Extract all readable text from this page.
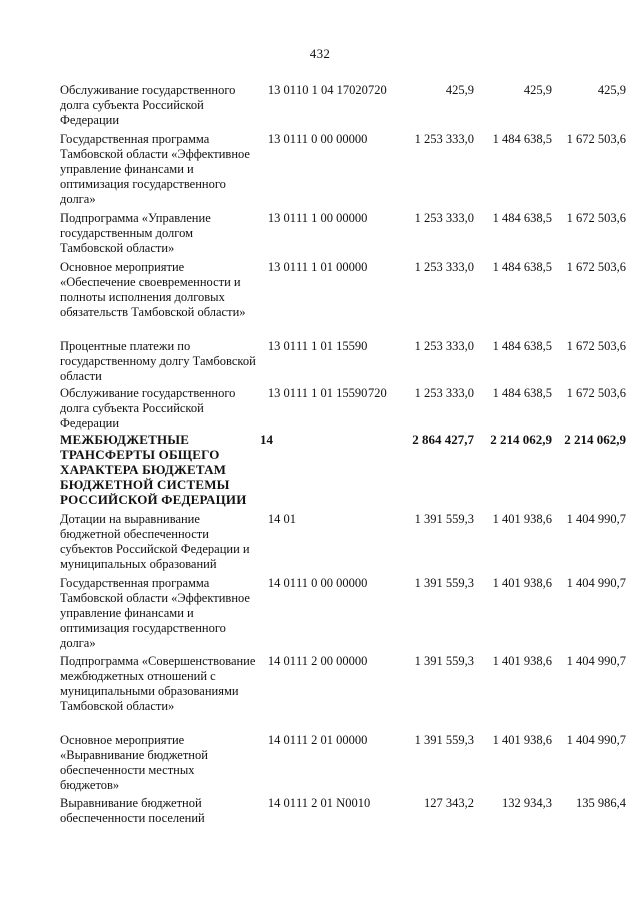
432
Обслуживание государственного долга субъекта Российской Федерации	13 01	10 1 04 17020	720	425,9	425,9	425,9
Государственная программа Тамбовской области «Эффективное управление финансами и оптимизация государственного долга»	13 01	11 0 00 00000		1 253 333,0	1 484 638,5	1 672 503,6
Подпрограмма «Управление государственным долгом Тамбовской области»	13 01	11 1 00 00000		1 253 333,0	1 484 638,5	1 672 503,6
Основное мероприятие «Обеспечение своевременности и полноты исполнения долговых обязательств Тамбовской области»	13 01	11 1 01 00000		1 253 333,0	1 484 638,5	1 672 503,6
Процентные платежи по государственному долгу Тамбовской области	13 01	11 1 01 15590		1 253 333,0	1 484 638,5	1 672 503,6
Обслуживание государственного долга субъекта Российской Федерации	13 01	11 1 01 15590	720	1 253 333,0	1 484 638,5	1 672 503,6
МЕЖБЮДЖЕТНЫЕ ТРАНСФЕРТЫ ОБЩЕГО ХАРАКТЕРА БЮДЖЕТАМ БЮДЖЕТНОЙ СИСТЕМЫ РОССИЙСКОЙ ФЕДЕРАЦИИ	14			2 864 427,7	2 214 062,9	2 214 062,9
Дотации на выравнивание бюджетной обеспеченности субъектов Российской Федерации и муниципальных образований	14 01			1 391 559,3	1 401 938,6	1 404 990,7
Государственная программа Тамбовской области «Эффективное управление финансами и оптимизация государственного долга»	14 01	11 0 00 00000		1 391 559,3	1 401 938,6	1 404 990,7
Подпрограмма «Совершенствование межбюджетных отношений с муниципальными образованиями Тамбовской области»	14 01	11 2 00 00000		1 391 559,3	1 401 938,6	1 404 990,7
Основное мероприятие «Выравнивание бюджетной обеспеченности местных бюджетов»	14 01	11 2 01 00000		1 391 559,3	1 401 938,6	1 404 990,7
Выравнивание бюджетной обеспеченности поселений	14 01	11 2 01 N0010		127 343,2	132 934,3	135 986,4
